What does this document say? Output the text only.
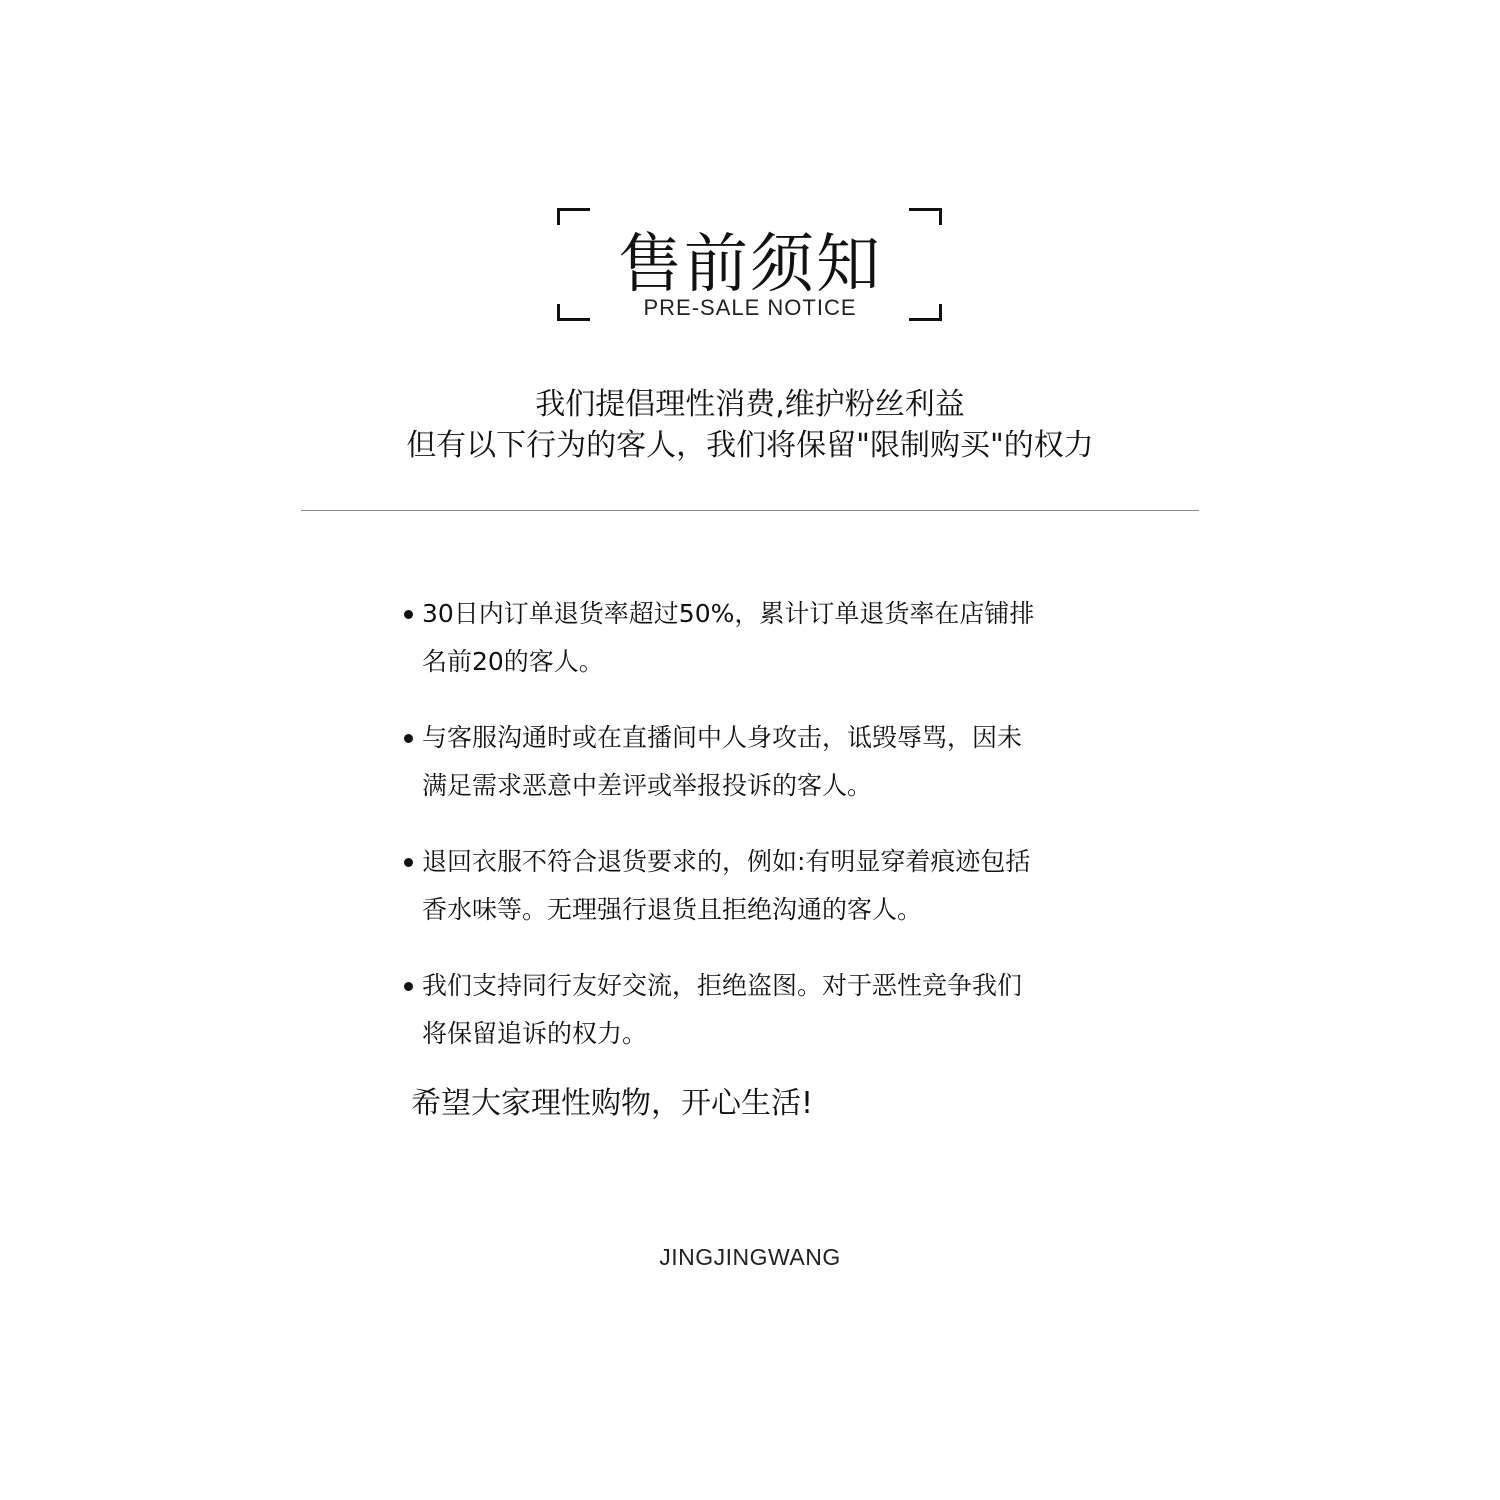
售前须知
PRE-SALE NOTICE
我们提倡理性消费,维护粉丝利益
但有以下行为的客人，我们将保留"限制购买"的权力
30日内订单退货率超过50%，累计订单退货率在店铺排
名前20的客人。
与客服沟通时或在直播间中人身攻击，诋毁辱骂，因未
满足需求恶意中差评或举报投诉的客人。
退回衣服不符合退货要求的，例如:有明显穿着痕迹包括
香水味等。无理强行退货且拒绝沟通的客人。
我们支持同行友好交流，拒绝盗图。对于恶性竞争我们
将保留追诉的权力。
希望大家理性购物，开心生活!
JINGJINGWANG
